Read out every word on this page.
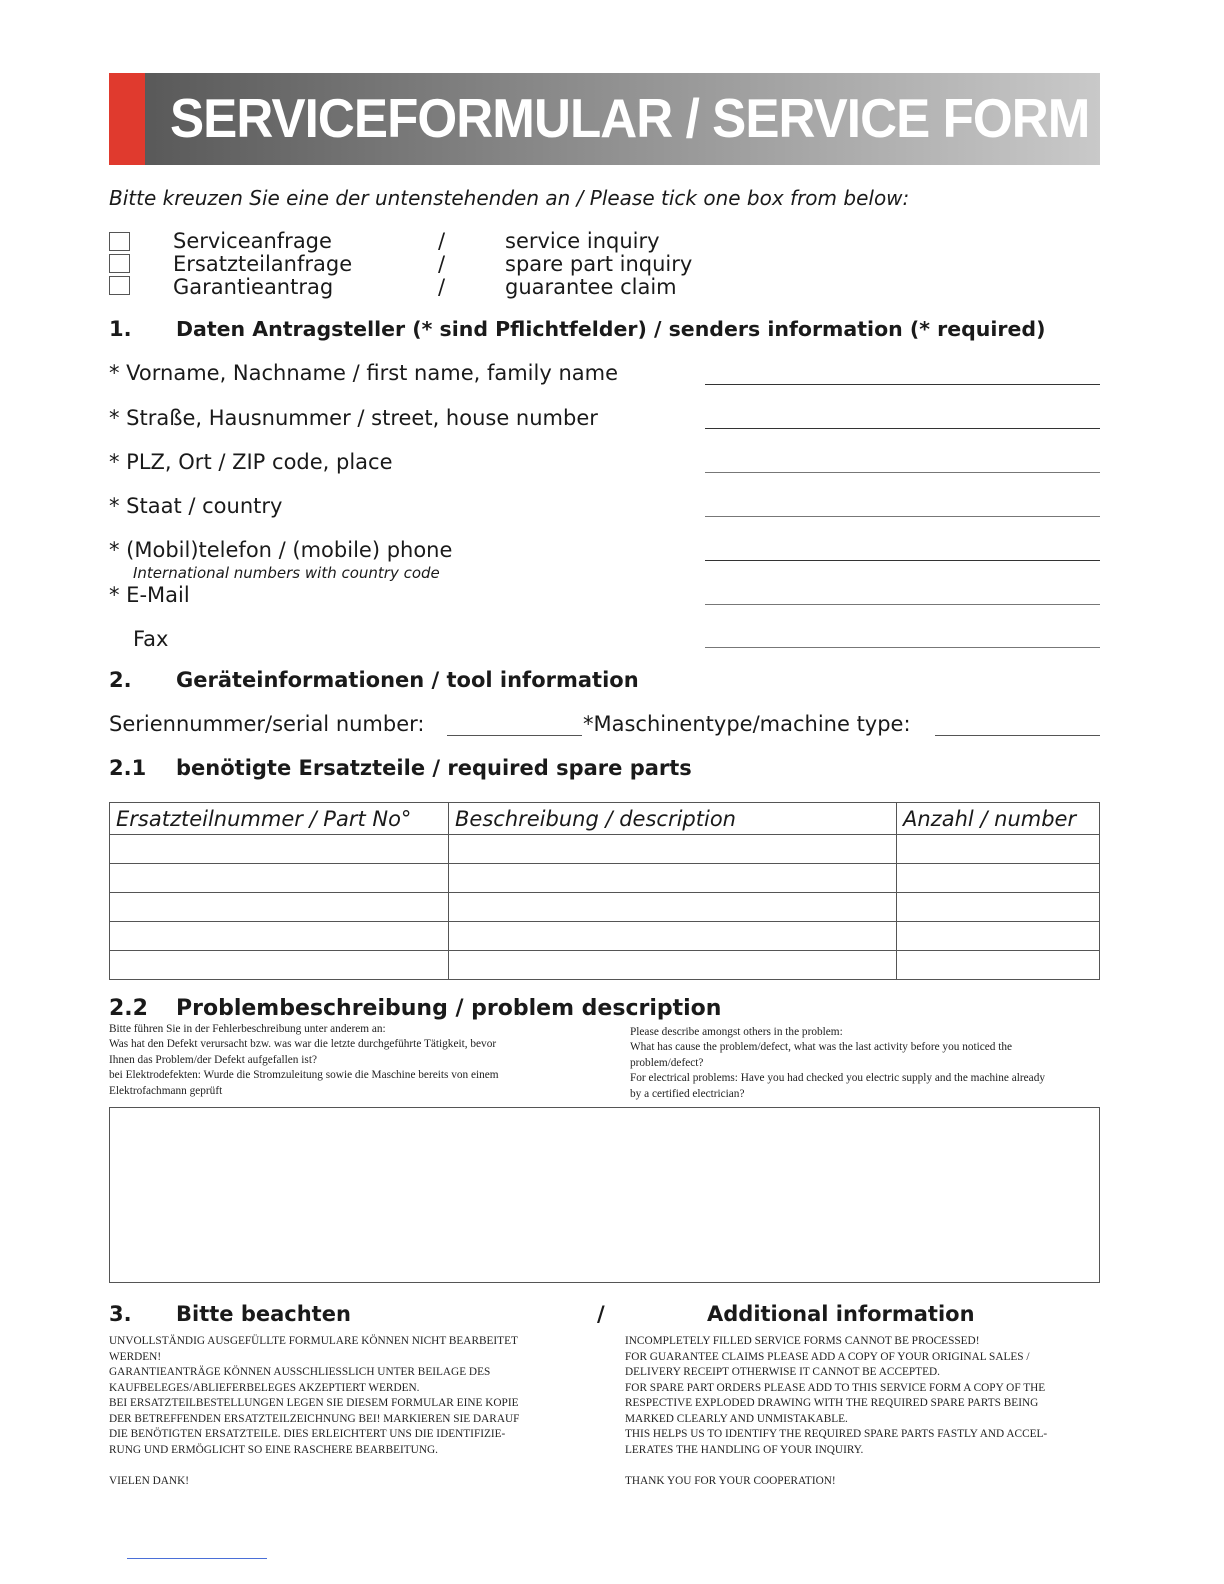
SERVICEFORMULAR / SERVICE FORM
Bitte kreuzen Sie eine der untenstehenden an / Please tick one box from below:
Serviceanfrage	/	service inquiry
Ersatzteilanfrage	/	spare part inquiry
Garantieantrag	/	guarantee claim
1. Daten Antragsteller (* sind Pflichtfelder) / senders information (* required)
* Vorname, Nachname / first name, family name
* Straße, Hausnummer / street, house number
* PLZ, Ort / ZIP code, place
* Staat / country
* (Mobil)telefon / (mobile) phone
International numbers with country code
* E-Mail
Fax
2. Geräteinformationen / tool information
Seriennummer/serial number:	*Maschinentype/machine type:
2.1 benötigte Ersatzteile / required spare parts
Ersatzteilnummer / Part No°	Beschreibung / description	Anzahl / number

2.2 Problembeschreibung / problem description
Bitte führen Sie in der Fehlerbeschreibung unter anderem an:
Was hat den Defekt verursacht bzw. was war die letzte durchgeführte Tätigkeit, bevor
Ihnen das Problem/der Defekt aufgefallen ist?
bei Elektrodefekten: Wurde die Stromzuleitung sowie die Maschine bereits von einem
Elektrofachmann geprüft
Please describe amongst others in the problem:
What has cause the problem/defect, what was the last activity before you noticed the
problem/defect?
For electrical problems: Have you had checked you electric supply and the machine already
by a certified electrician?
3. Bitte beachten	/	Additional information
UNVOLLSTÄNDIG AUSGEFÜLLTE FORMULARE KÖNNEN NICHT BEARBEITET
WERDEN!
GARANTIEANTRÄGE KÖNNEN AUSSCHLIESSLICH UNTER BEILAGE DES
KAUFBELEGES/ABLIEFERBELEGES AKZEPTIERT WERDEN.
BEI ERSATZTEILBESTELLUNGEN LEGEN SIE DIESEM FORMULAR EINE KOPIE
DER BETREFFENDEN ERSATZTEILZEICHNUNG BEI! MARKIEREN SIE DARAUF
DIE BENÖTIGTEN ERSATZTEILE. DIES ERLEICHTERT UNS DIE IDENTIFIZIE-
RUNG UND ERMÖGLICHT SO EINE RASCHERE BEARBEITUNG.
VIELEN DANK!
INCOMPLETELY FILLED SERVICE FORMS CANNOT BE PROCESSED!
FOR GUARANTEE CLAIMS PLEASE ADD A COPY OF YOUR ORIGINAL SALES /
DELIVERY RECEIPT OTHERWISE IT CANNOT BE ACCEPTED.
FOR SPARE PART ORDERS PLEASE ADD TO THIS SERVICE FORM A COPY OF THE
RESPECTIVE EXPLODED DRAWING WITH THE REQUIRED SPARE PARTS BEING
MARKED CLEARLY AND UNMISTAKABLE.
THIS HELPS US TO IDENTIFY THE REQUIRED SPARE PARTS FASTLY AND ACCEL-
LERATES THE HANDLING OF YOUR INQUIRY.
THANK YOU FOR YOUR COOPERATION!
